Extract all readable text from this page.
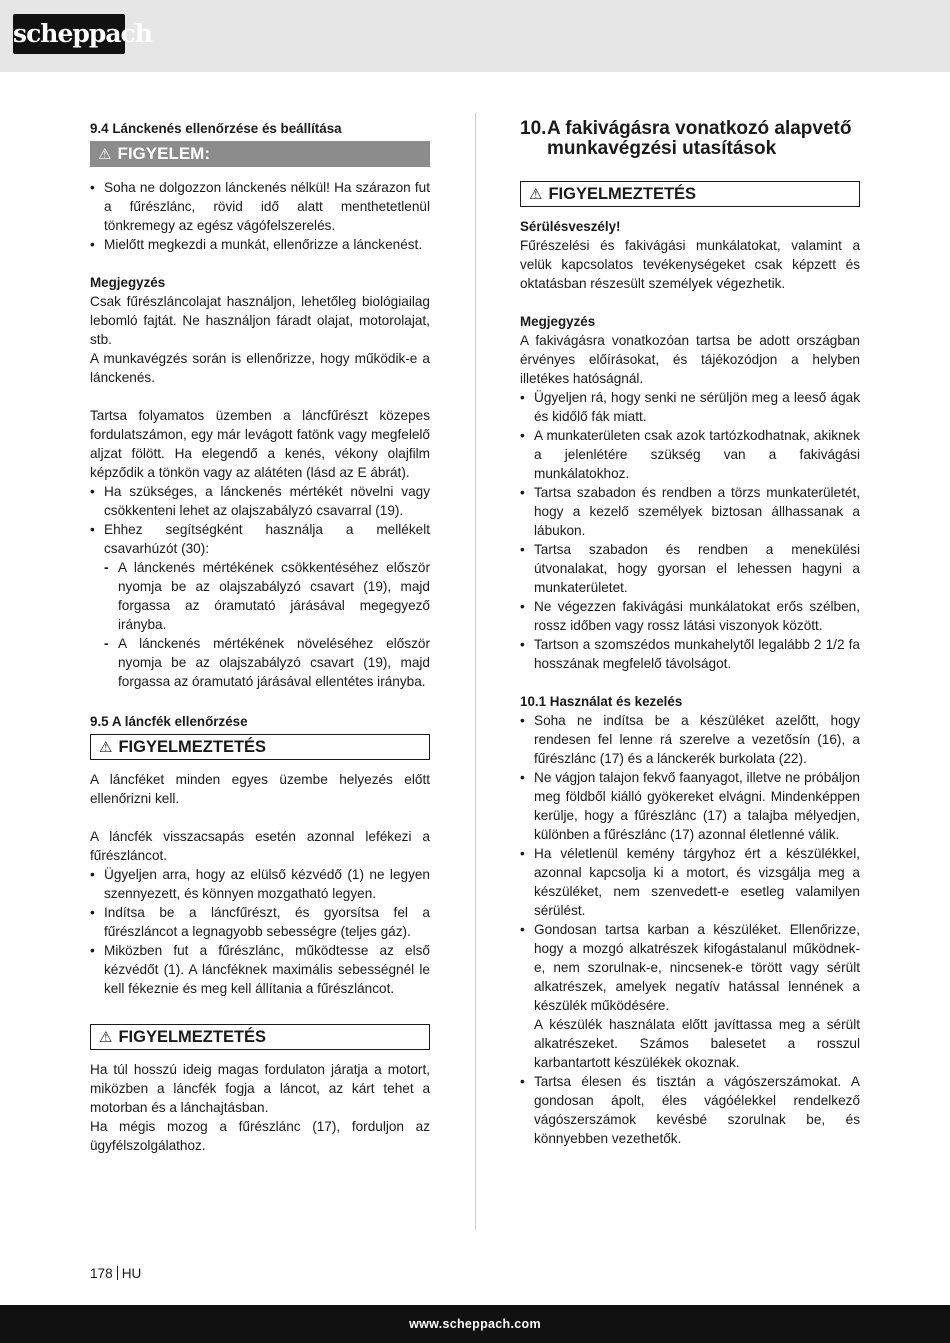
scheppach

9.4 Lánckenés ellenőrzése és beállítása

⚠ FIGYELEM:
• Soha ne dolgozzon lánckenés nélkül! Ha szárazon fut a fűrészlánc, rövid idő alatt menthetetlenül tönkremegy az egész vágófelszerelés.
• Mielőtt megkezdi a munkát, ellenőrizze a lánckenést.

Megjegyzés

Csak fűrészláncolajat használjon, lehetőleg biológiailag lebomló fajtát. Ne használjon fáradt olajat, motorolajat, stb.

A munkavégzés során is ellenőrizze, hogy működik-e a lánckenés.

Tartsa folyamatos üzemben a láncfűrészt közepes fordulatszámon, egy már levágott fatönk vagy megfelelő aljzat fölött. Ha elegendő a kenés, vékony olajfilm képződik a tönkön vagy az alátéten (lásd az E ábrát).

• Ha szükséges, a lánckenés mértékét növelni vagy csökkenteni lehet az olajszabályzó csavarral (19).
• Ehhez segítségként használja a mellékelt csavarhúzót (30):
- A lánckenés mértékének csökkentéséhez először nyomja be az olajszabályzó csavart (19), majd forgassa az óramutató járásával megegyező irányba.
- A lánckenés mértékének növeléséhez először nyomja be az olajszabályzó csavart (19), majd forgassa az óramutató járásával ellentétes irányba.

9.5 A láncfék ellenőrzése

⚠ FIGYELMEZTETÉS

A láncféket minden egyes üzembe helyezés előtt ellenőrizni kell.

A láncfék visszacsapás esetén azonnal lefékezi a fűrészláncot.

• Ügyeljen arra, hogy az elülső kézvédő (1) ne legyen szennyezett, és könnyen mozgatható legyen.
• Indítsa be a láncfűrészt, és gyorsítsa fel a fűrészláncot a legnagyobb sebességre (teljes gáz).
• Miközben fut a fűrészlánc, működtesse az első kézvédőt (1). A láncféknek maximális sebességnél le kell fékeznie és meg kell állítania a fűrészláncot.
⚠ FIGYELMEZTETÉS

Ha túl hosszú ideig magas fordulaton járatja a motort, miközben a láncfék fogja a láncot, az kárt tehet a motorban és a lánchajtásban.

Ha mégis mozog a fűrészlánc (17), forduljon az ügyfélszolgálathoz.

10. A fakivágásra vonatkozó alapvető munkavégzési utasítások
⚠ FIGYELMEZTETÉS

Sérülésveszély!

Fűrészelési és fakivágási munkálatokat, valamint a velük kapcsolatos tevékenységeket csak képzett és oktatásban részesült személyek végezhetik.

Megjegyzés

A fakivágásra vonatkozóan tartsa be adott országban érvényes előírásokat, és tájékozódjon a helyben illetékes hatóságnál.

• Ügyeljen rá, hogy senki ne sérüljön meg a leeső ágak és kidőlő fák miatt.
• A munkaterületen csak azok tartózkodhatnak, akiknek a jelenlétére szükség van a fakivágási munkálatokhoz.
• Tartsa szabadon és rendben a törzs munkaterületét, hogy a kezelő személyek biztosan állhassanak a lábukon.
• Tartsa szabadon és rendben a menekülési útvonalakat, hogy gyorsan el lehessen hagyni a munkaterületet.
• Ne végezzen fakivágási munkálatokat erős szélben, rossz időben vagy rossz látási viszonyok között.
• Tartson a szomszédos munkahelytől legalább 2 1/2 fa hosszának megfelelő távolságot.

10.1 Használat és kezelés

• Soha ne indítsa be a készüléket azelőtt, hogy rendesen fel lenne rá szerelve a vezetősín (16), a fűrészlánc (17) és a lánckerék burkolata (22).
• Ne vágjon talajon fekvő faanyagot, illetve ne próbáljon meg földből kiálló gyökereket elvágni. Mindenképpen kerülje, hogy a fűrészlánc (17) a talajba mélyedjen, különben a fűrészlánc (17) azonnal életlenné válik.
• Ha véletlenül kemény tárgyhoz ért a készülékkel, azonnal kapcsolja ki a motort, és vizsgálja meg a készüléket, nem szenvedett-e esetleg valamilyen sérülést.
• Gondosan tartsa karban a készüléket. Ellenőrizze, hogy a mozgó alkatrészek kifogástalanul működnek-e, nem szorulnak-e, nincsenek-e törött vagy sérült alkatrészek, amelyek negatív hatással lennének a készülék működésére.

A készülék használata előtt javíttassa meg a sérült alkatrészeket. Számos balesetet a rosszul karbantartott készülékek okoznak.

• Tartsa élesen és tisztán a vágószerszámokat. A gondosan ápolt, éles vágóélekkel rendelkező vágószerszámok kevésbé szorulnak be, és könnyebben vezethetők.
178 HU
www.scheppach.com
